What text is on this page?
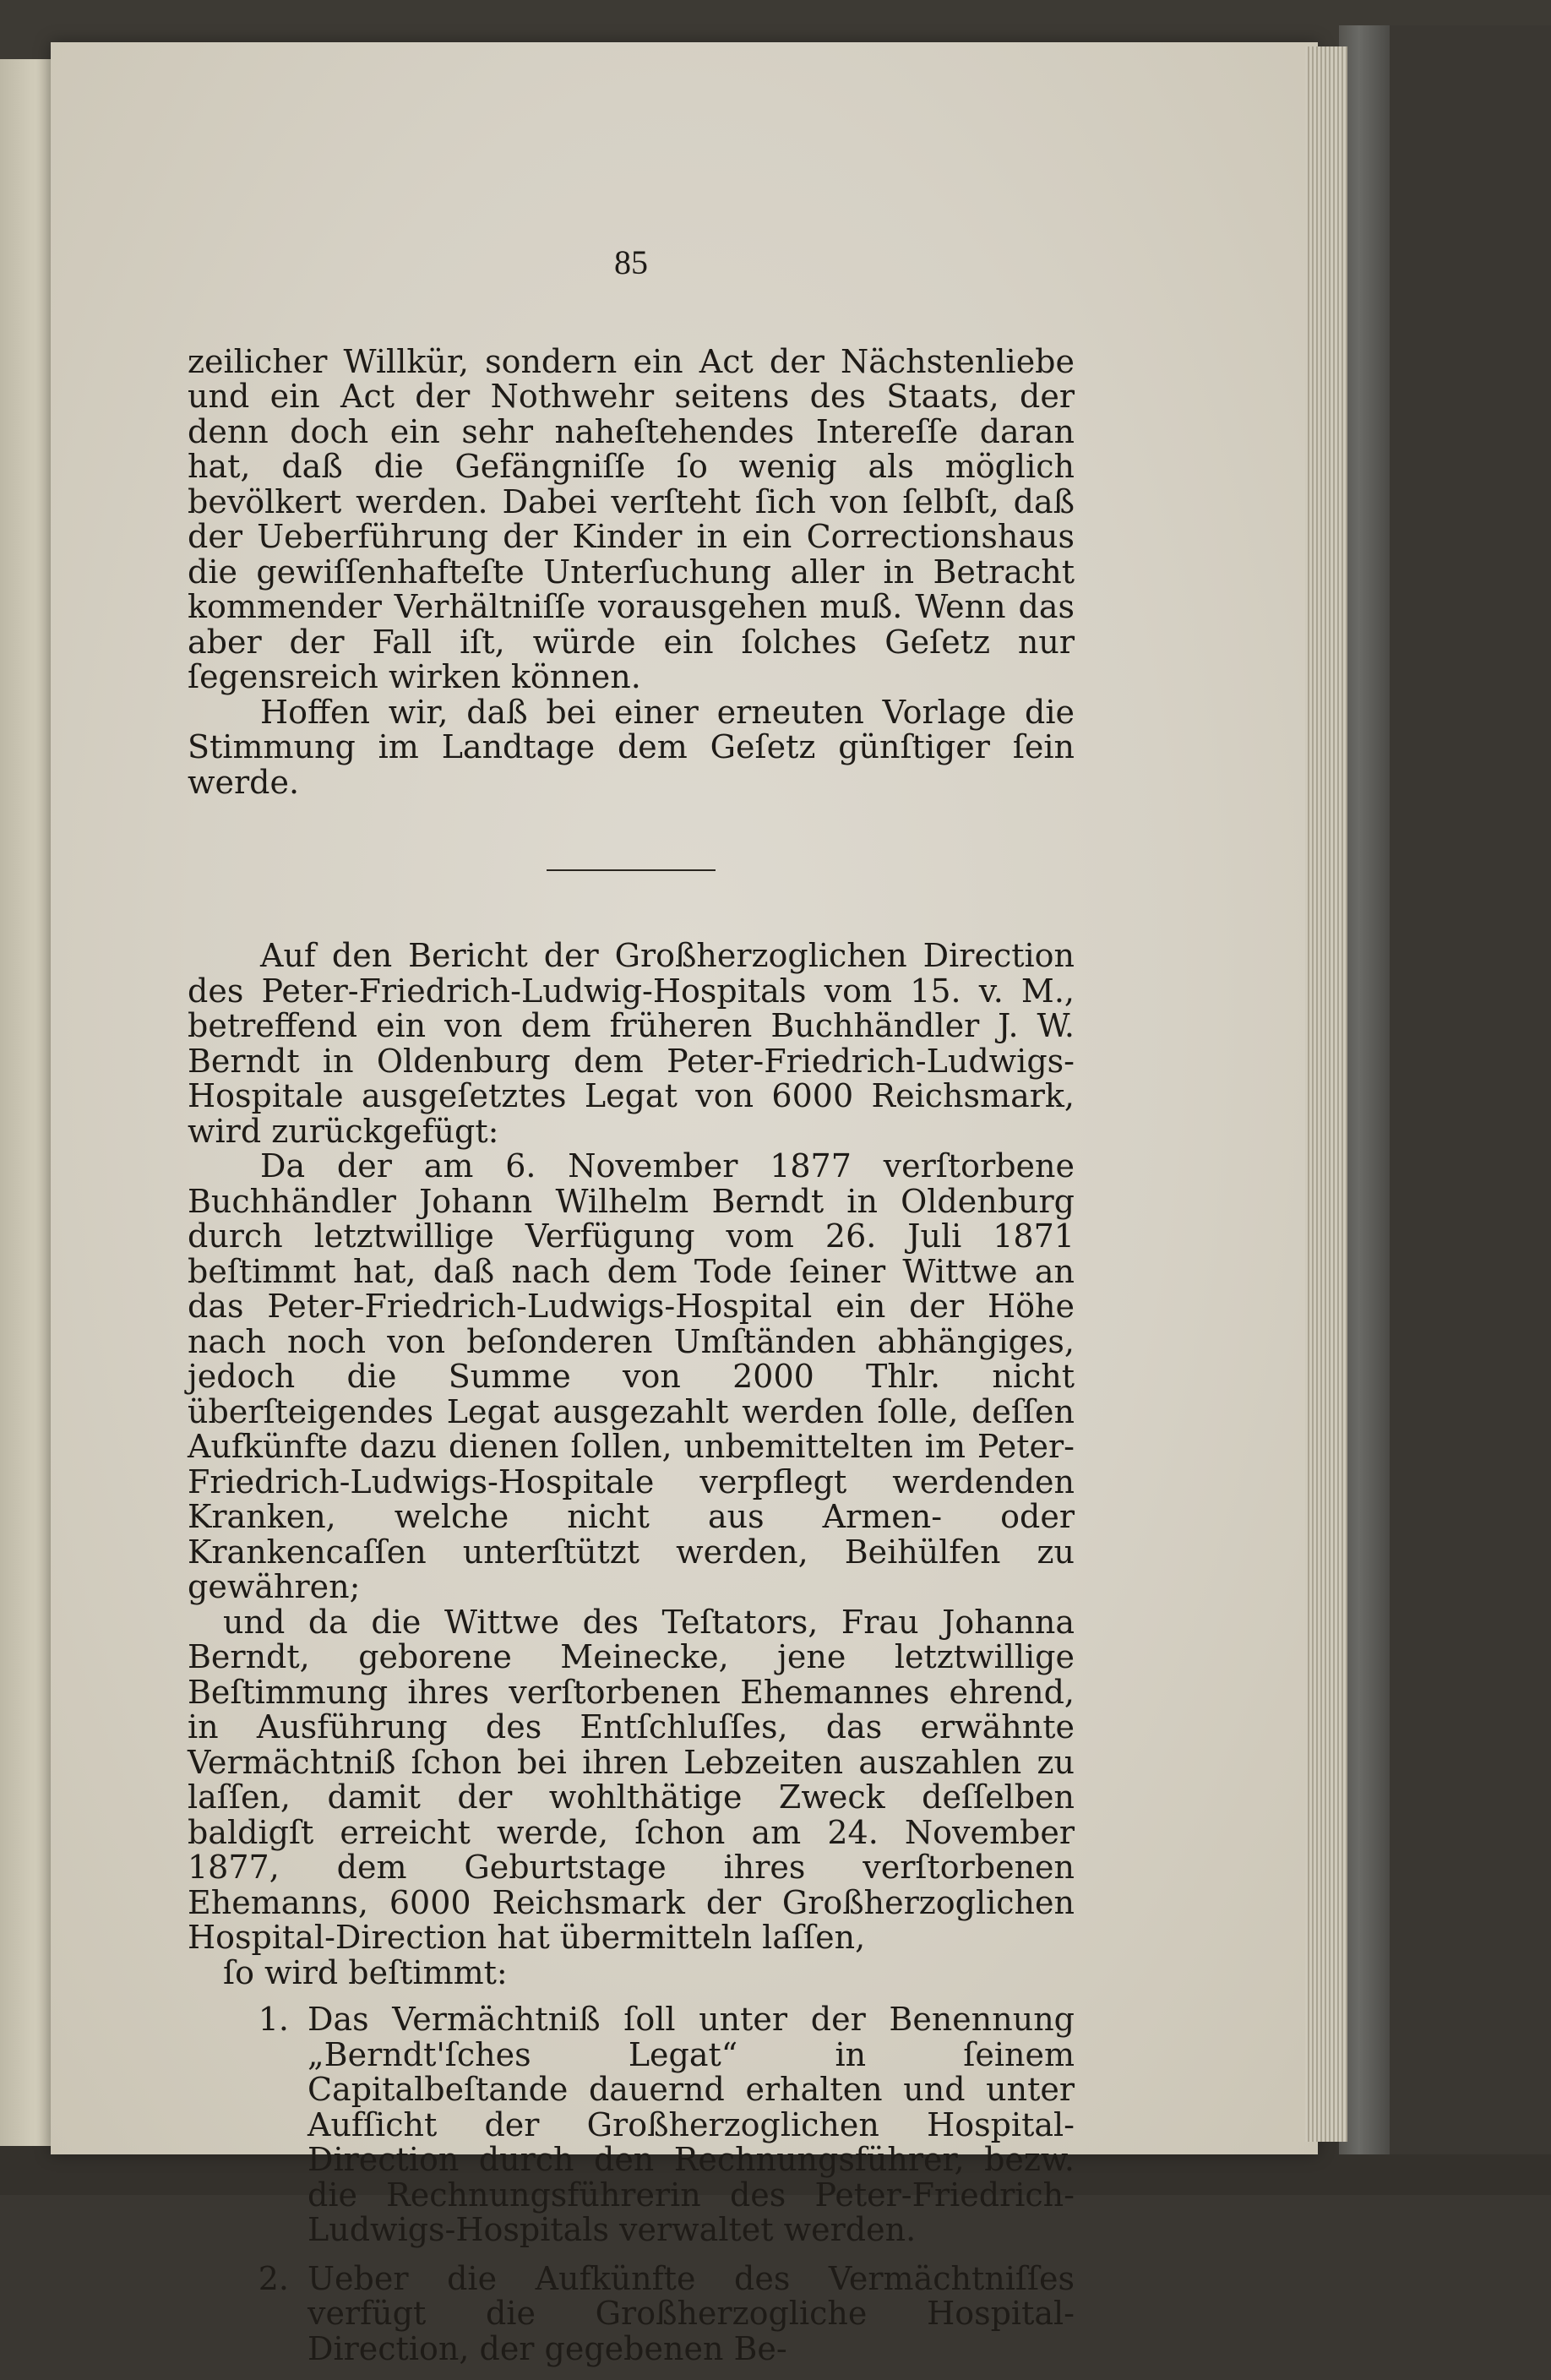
85

zeilicher Willkür, sondern ein Act der Nächstenliebe und ein Act der Nothwehr seitens des Staats, der denn doch ein sehr naheſtehendes Intereſſe daran hat, daß die Gefängniſſe ſo wenig als möglich bevölkert werden. Dabei verſteht ſich von ſelbſt, daß der Ueberführung der Kinder in ein Correctionshaus die gewiſſenhafteſte Unterſuchung aller in Betracht kommender Verhältniſſe vorausgehen muß. Wenn das aber der Fall iſt, würde ein ſolches Geſetz nur ſegensreich wirken können.

Hoffen wir, daß bei einer erneuten Vorlage die Stimmung im Landtage dem Geſetz günſtiger ſein werde.

Auf den Bericht der Großherzoglichen Direction des Peter-Friedrich-Ludwig-Hospitals vom 15. v. M., betreffend ein von dem früheren Buchhändler J. W. Berndt in Oldenburg dem Peter-Friedrich-Ludwigs-Hospitale ausgeſetztes Legat von 6000 Reichsmark, wird zurückgefügt:

Da der am 6. November 1877 verſtorbene Buchhändler Johann Wilhelm Berndt in Oldenburg durch letztwillige Verfügung vom 26. Juli 1871 beſtimmt hat, daß nach dem Tode ſeiner Wittwe an das Peter-Friedrich-Ludwigs-Hospital ein der Höhe nach noch von beſonderen Umſtänden abhängiges, jedoch die Summe von 2000 Thlr. nicht überſteigendes Legat ausgezahlt werden ſolle, deſſen Aufkünfte dazu dienen ſollen, unbemittelten im Peter-Friedrich-Ludwigs-Hospitale verpflegt werdenden Kranken, welche nicht aus Armen- oder Krankencaſſen unterſtützt werden, Beihülfen zu gewähren;

und da die Wittwe des Teſtators, Frau Johanna Berndt, geborene Meinecke, jene letztwillige Beſtimmung ihres verſtorbenen Ehemannes ehrend, in Ausführung des Entſchluſſes, das erwähnte Vermächtniß ſchon bei ihren Lebzeiten auszahlen zu laſſen, damit der wohlthätige Zweck deſſelben baldigſt erreicht werde, ſchon am 24. November 1877, dem Geburtstage ihres verſtorbenen Ehemanns, 6000 Reichsmark der Großherzoglichen Hospital-Direction hat übermitteln laſſen,

ſo wird beſtimmt:

1. Das Vermächtniß ſoll unter der Benennung „Berndt'ſches Legat“ in ſeinem Capitalbeſtande dauernd erhalten und unter Aufſicht der Großherzoglichen Hospital-Direction durch den Rechnungsführer, bezw. die Rechnungsführerin des Peter-Friedrich-Ludwigs-Hospitals verwaltet werden.
2. Ueber die Aufkünfte des Vermächtniſſes verfügt die Großherzogliche Hospital-Direction, der gegebenen Be-
